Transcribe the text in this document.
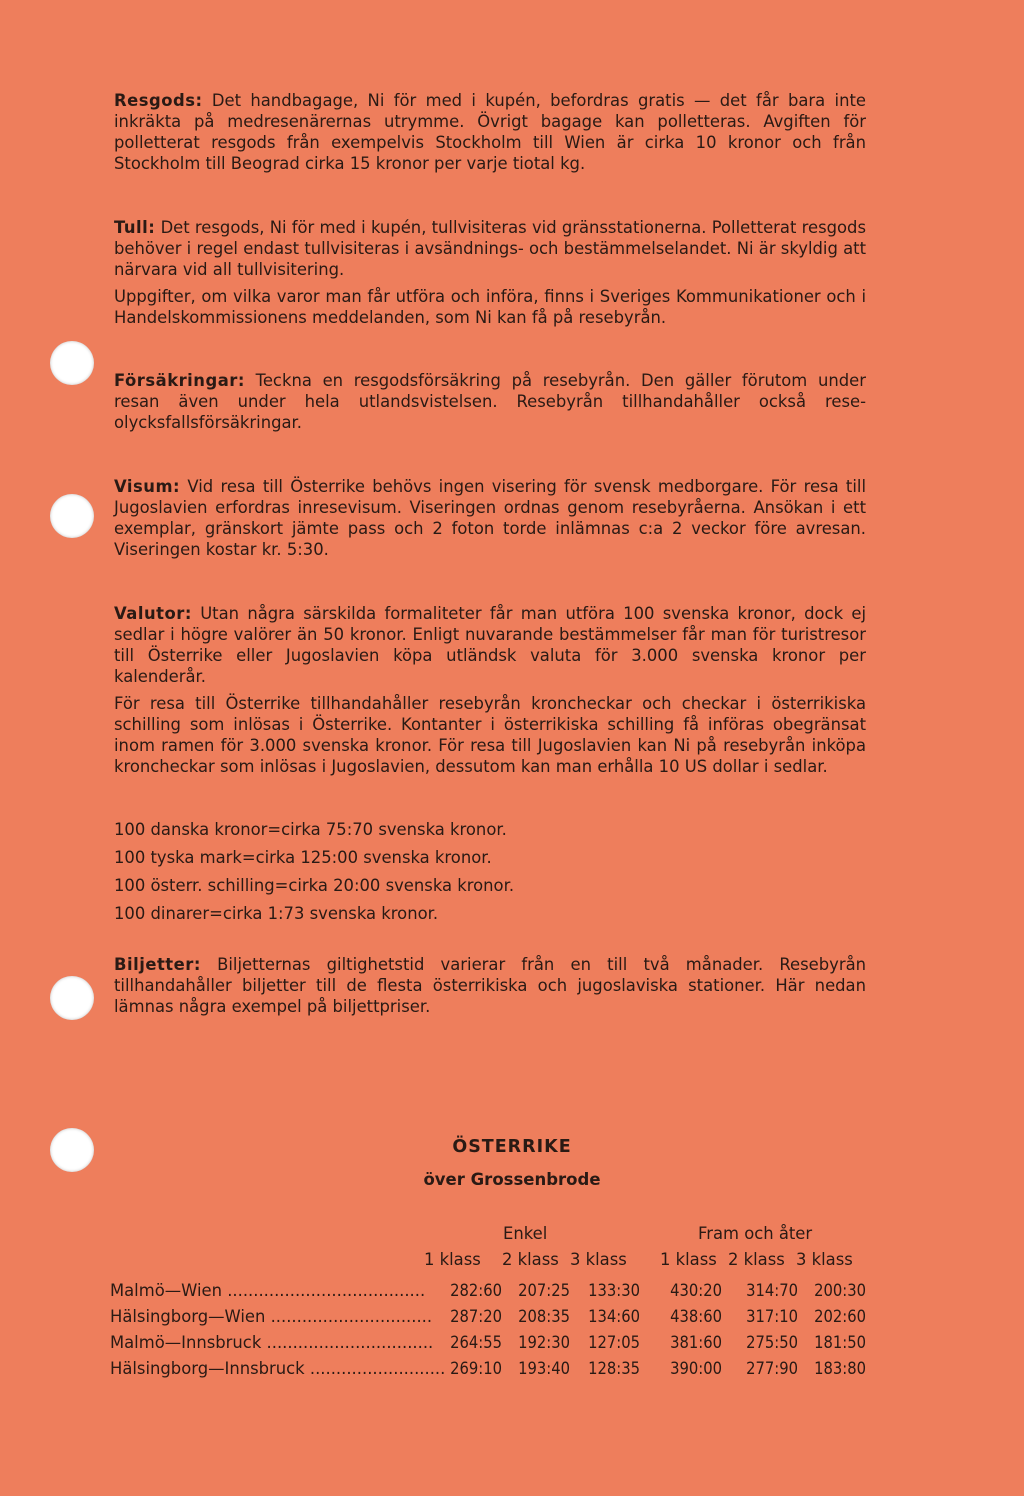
Resgods: Det handbagage, Ni för med i kupén, befordras gratis — det får bara inte inkräkta på medresenärernas utrymme. Övrigt bagage kan polletteras. Avgiften för polletterat resgods från exempelvis Stockholm till Wien är cirka 10 kronor och från Stockholm till Beograd cirka 15 kronor per varje tiotal kg.

Tull: Det resgods, Ni för med i kupén, tullvisiteras vid gränsstationerna. Polletterat resgods behöver i regel endast tullvisiteras i avsändnings- och bestämmelselandet. Ni är skyldig att närvara vid all tullvisitering.

Uppgifter, om vilka varor man får utföra och införa, finns i Sveriges Kommunikationer och i Handelskommissionens meddelanden, som Ni kan få på resebyrån.

Försäkringar: Teckna en resgodsförsäkring på resebyrån. Den gäller förutom under resan även under hela utlandsvistelsen. Resebyrån tillhandahåller också rese-olycksfallsförsäkringar.

Visum: Vid resa till Österrike behövs ingen visering för svensk medborgare. För resa till Jugoslavien erfordras inresevisum. Viseringen ordnas genom resebyråerna. Ansökan i ett exemplar, gränskort jämte pass och 2 foton torde inlämnas c:a 2 veckor före avresan. Viseringen kostar kr. 5:30.

Valutor: Utan några särskilda formaliteter får man utföra 100 svenska kronor, dock ej sedlar i högre valörer än 50 kronor. Enligt nuvarande bestämmelser får man för turistresor till Österrike eller Jugoslavien köpa utländsk valuta för 3.000 svenska kronor per kalenderår.

För resa till Österrike tillhandahåller resebyrån kroncheckar och checkar i österrikiska schilling som inlösas i Österrike. Kontanter i österrikiska schilling få införas obegränsat inom ramen för 3.000 svenska kronor. För resa till Jugoslavien kan Ni på resebyrån inköpa kroncheckar som inlösas i Jugoslavien, dessutom kan man erhålla 10 US dollar i sedlar.

100 danska kronor=cirka 75:70 svenska kronor.
100 tyska mark=cirka 125:00 svenska kronor.
100 österr. schilling=cirka 20:00 svenska kronor.
100 dinarer=cirka 1:73 svenska kronor.

Biljetter: Biljetternas giltighetstid varierar från en till två månader. Resebyrån tillhandahåller biljetter till de flesta österrikiska och jugoslaviska stationer. Här nedan lämnas några exempel på biljettpriser.

ÖSTERRIKE
över Grossenbrode
Enkel	Fram och åter
1 klass 2 klass 3 klass 1 klass 2 klass 3 klass
Malmö—Wien ......................................	282:60 207:25	133:30	430:20	314:70 200:30
Hälsingborg—Wien ...............................	287:20 208:35	134:60	438:60	317:10 202:60
Malmö—Innsbruck ................................	264:55 192:30	127:05	381:60	275:50 181:50
Hälsingborg—Innsbruck .......................... 269:10 193:40	128:35	390:00	277:90 183:80
